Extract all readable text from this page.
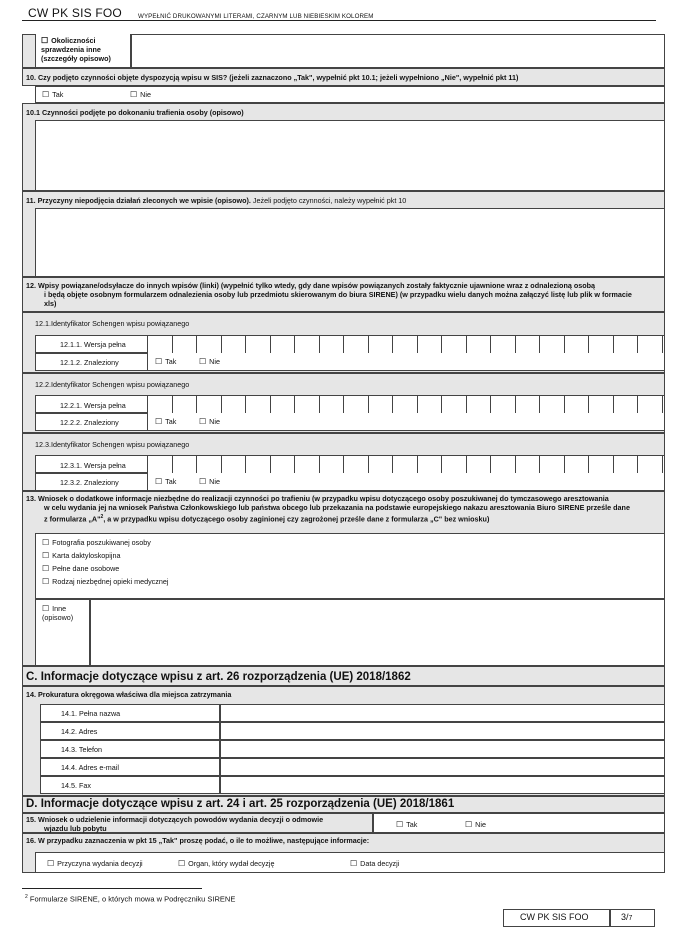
CW PK SIS FOO	WYPEŁNIĆ DRUKOWANYMI LITERAMI, CZARNYM LUB NIEBIESKIM KOLOREM
☐ Okoliczności
sprawdzenia inne
(szczegóły opisowo)
10. Czy podjęto czynności objęte dyspozycją wpisu w SIS? (jeżeli zaznaczono „Tak", wypełnić pkt 10.1; jeżeli wypełniono „Nie", wypełnić pkt 11)
☐ Tak	☐ Nie
10.1 Czynności podjęte po dokonaniu trafienia osoby (opisowo)
11. Przyczyny niepodjęcia działań zleconych we wpisie (opisowo). Jeżeli podjęto czynności, należy wypełnić pkt 10
12. Wpisy powiązane/odsyłacze do innych wpisów (linki) (wypełnić tylko wtedy, gdy dane wpisów powiązanych zostały faktycznie ujawnione wraz z odnalezioną osobą
i będą objęte osobnym formularzem odnalezienia osoby lub przedmiotu skierowanym do biura SIRENE) (w przypadku wielu danych można załączyć listę lub plik w formacie
xls)
12.1.Identyfikator Schengen wpisu powiązanego
12.1.1. Wersja pełna
12.1.2. Znaleziony	☐ Tak	☐ Nie
12.2.Identyfikator Schengen wpisu powiązanego
12.2.1. Wersja pełna
12.2.2. Znaleziony	☐ Tak	☐ Nie
12.3.Identyfikator Schengen wpisu powiązanego
12.3.1. Wersja pełna
12.3.2. Znaleziony	☐ Tak	☐ Nie
13. Wniosek o dodatkowe informacje niezbędne do realizacji czynności po trafieniu (w przypadku wpisu dotyczącego osoby poszukiwanej do tymczasowego aresztowania
w celu wydania jej na wniosek Państwa Członkowskiego lub państwa obcego lub przekazania na podstawie europejskiego nakazu aresztowania Biuro SIRENE prześle dane
z formularza „A"$^2$, a w przypadku wpisu dotyczącego osoby zaginionej czy zagrożonej prześle dane z formularza „C" bez wniosku)
☐ Fotografia poszukiwanej osoby
☐ Karta daktyloskopijna
☐ Pełne dane osobowe
☐ Rodzaj niezbędnej opieki medycznej
☐ Inne
(opisowo)
C. Informacje dotyczące wpisu z art. 26 rozporządzenia (UE) 2018/1862
14. Prokuratura okręgowa właściwa dla miejsca zatrzymania
14.1. Pełna nazwa
14.2. Adres
14.3. Telefon
14.4. Adres e-mail
14.5. Fax
D. Informacje dotyczące wpisu z art. 24 i art. 25 rozporządzenia (UE) 2018/1861
15. Wniosek o udzielenie informacji dotyczących powodów wydania decyzji o odmowie
wjazdu lub pobytu	☐ Tak	☐ Nie
16. W przypadku zaznaczenia w pkt 15 „Tak" proszę podać, o ile to możliwe, następujące informacje:
☐ Przyczyna wydania decyzji	☐ Organ, który wydał decyzję	☐ Data decyzji
$^2$ Formularze SIRENE, o których mowa w Podręczniku SIRENE
CW PK SIS FOO	3/7
